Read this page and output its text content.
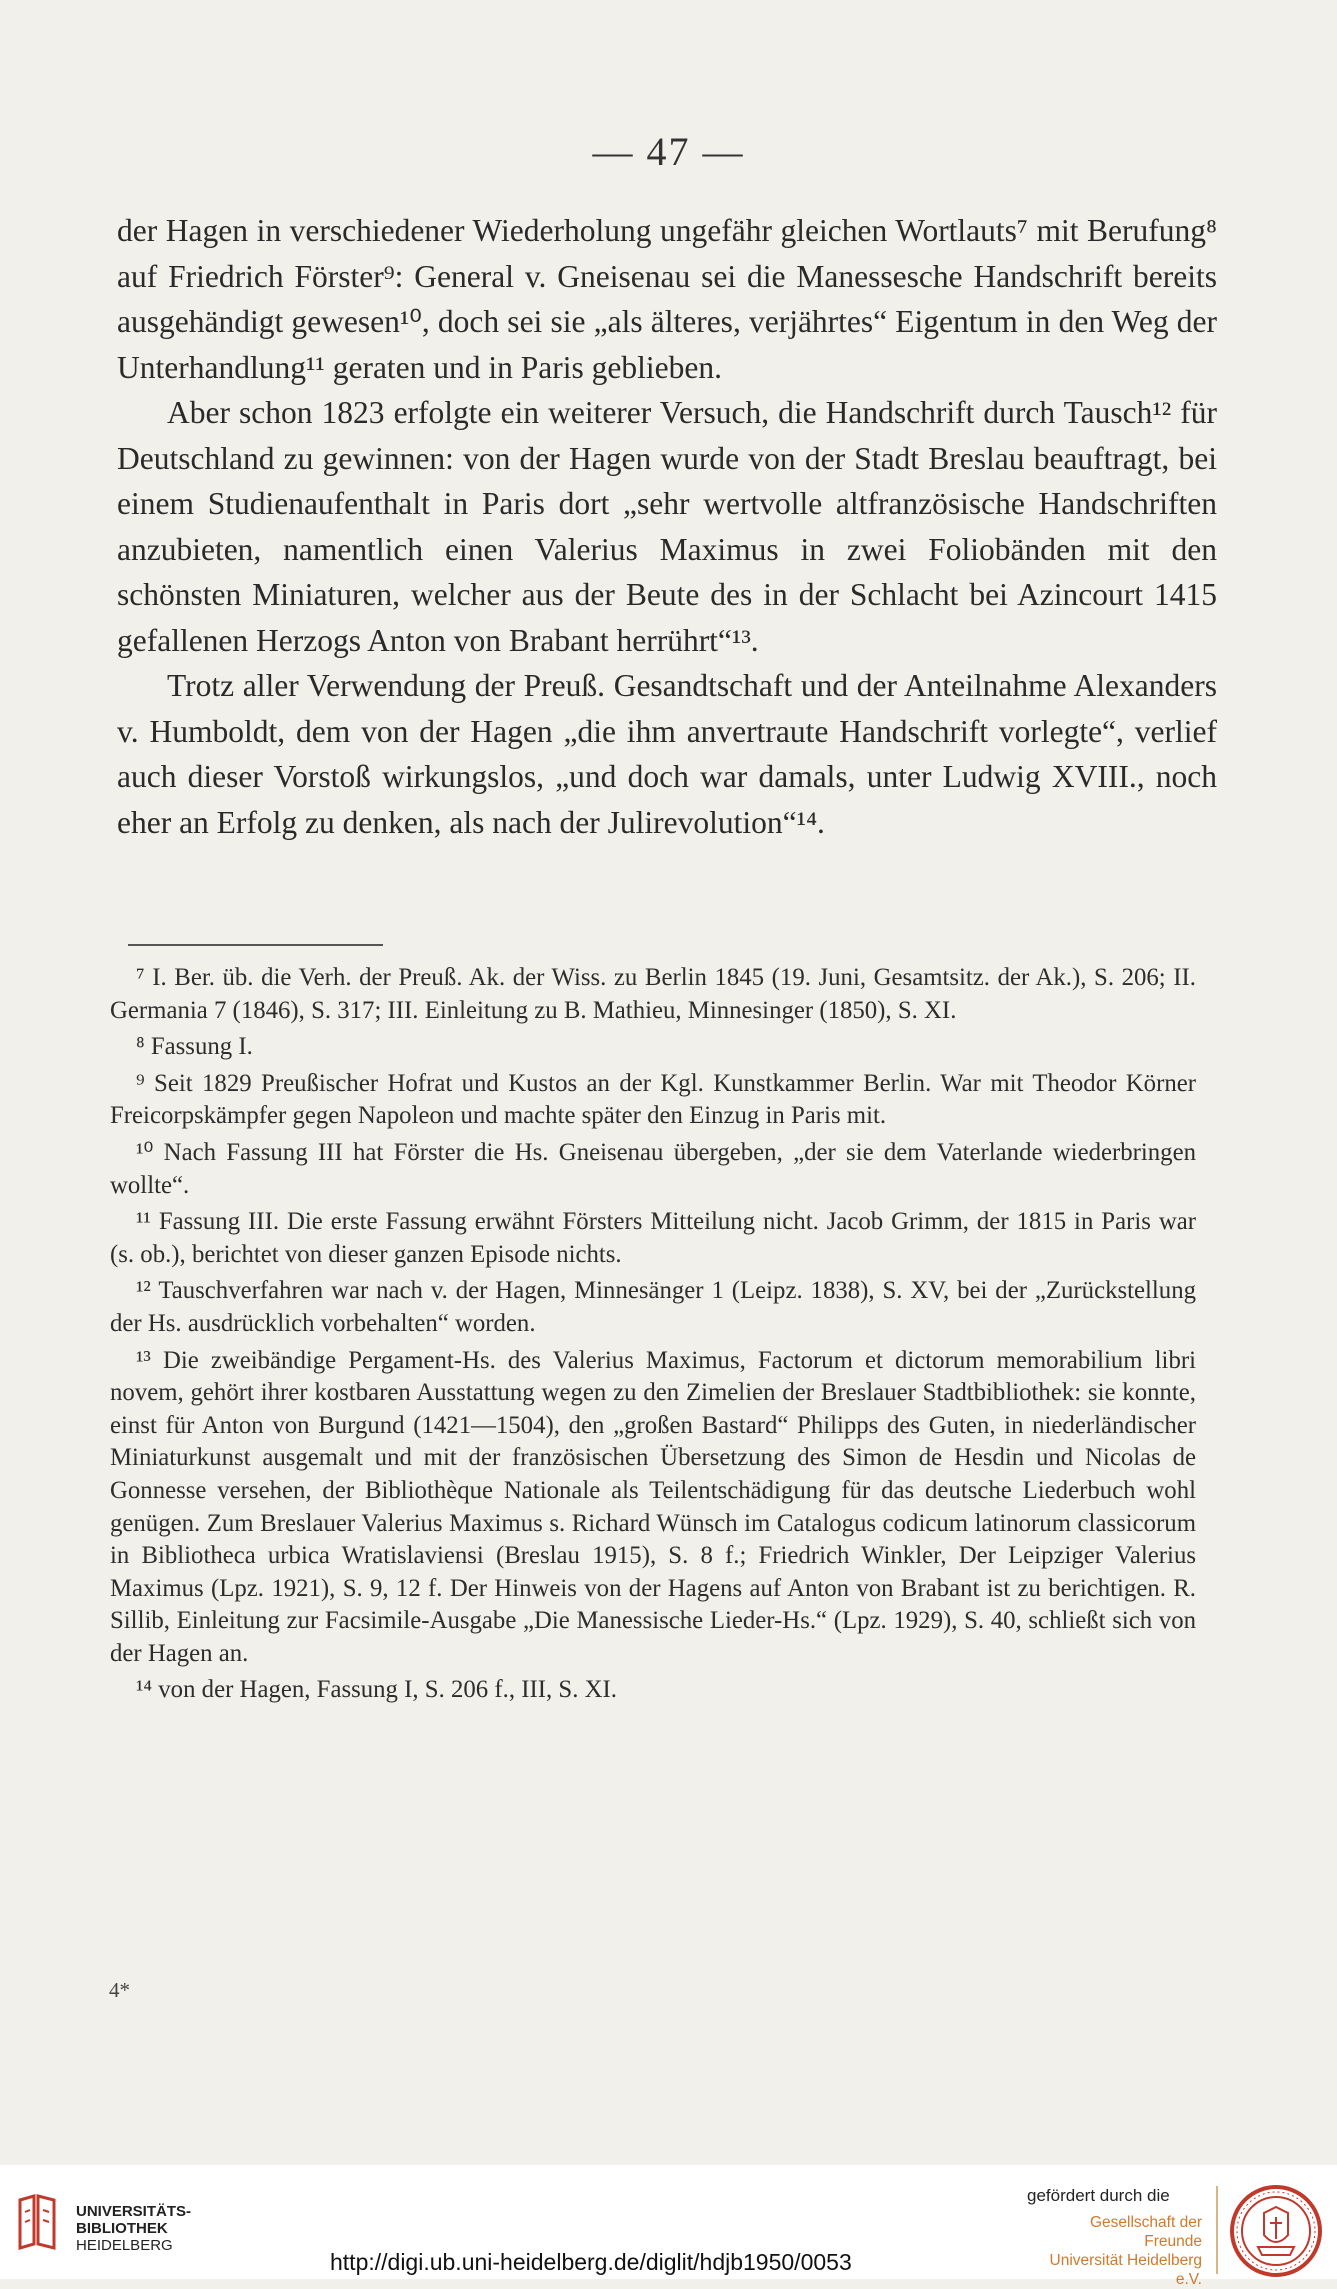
— 47 —

der Hagen in verschiedener Wiederholung ungefähr gleichen Wortlauts⁷ mit Berufung⁸ auf Friedrich Förster⁹: General v. Gneisenau sei die Manessesche Handschrift bereits ausgehändigt gewesen¹⁰, doch sei sie „als älteres, verjährtes“ Eigentum in den Weg der Unterhandlung¹¹ geraten und in Paris geblieben.

Aber schon 1823 erfolgte ein weiterer Versuch, die Handschrift durch Tausch¹² für Deutschland zu gewinnen: von der Hagen wurde von der Stadt Breslau beauftragt, bei einem Studienaufenthalt in Paris dort „sehr wertvolle altfranzösische Handschriften anzubieten, namentlich einen Valerius Maximus in zwei Foliobänden mit den schönsten Miniaturen, welcher aus der Beute des in der Schlacht bei Azincourt 1415 gefallenen Herzogs Anton von Brabant herrührt“¹³.

Trotz aller Verwendung der Preuß. Gesandtschaft und der Anteilnahme Alexanders v. Humboldt, dem von der Hagen „die ihm anvertraute Handschrift vorlegte“, verlief auch dieser Vorstoß wirkungslos, „und doch war damals, unter Ludwig XVIII., noch eher an Erfolg zu denken, als nach der Julirevolution“¹⁴.

⁷ I. Ber. üb. die Verh. der Preuß. Ak. der Wiss. zu Berlin 1845 (19. Juni, Gesamtsitz. der Ak.), S. 206; II. Germania 7 (1846), S. 317; III. Einleitung zu B. Mathieu, Minnesinger (1850), S. XI.

⁸ Fassung I.

⁹ Seit 1829 Preußischer Hofrat und Kustos an der Kgl. Kunstkammer Berlin. War mit Theodor Körner Freicorpskämpfer gegen Napoleon und machte später den Einzug in Paris mit.

¹⁰ Nach Fassung III hat Förster die Hs. Gneisenau übergeben, „der sie dem Vaterlande wiederbringen wollte“.

¹¹ Fassung III. Die erste Fassung erwähnt Försters Mitteilung nicht. Jacob Grimm, der 1815 in Paris war (s. ob.), berichtet von dieser ganzen Episode nichts.

¹² Tauschverfahren war nach v. der Hagen, Minnesänger 1 (Leipz. 1838), S. XV, bei der „Zurückstellung der Hs. ausdrücklich vorbehalten“ worden.

¹³ Die zweibändige Pergament-Hs. des Valerius Maximus, Factorum et dictorum memorabilium libri novem, gehört ihrer kostbaren Ausstattung wegen zu den Zimelien der Breslauer Stadtbibliothek: sie konnte, einst für Anton von Burgund (1421—1504), den „großen Bastard“ Philipps des Guten, in niederländischer Miniaturkunst ausgemalt und mit der französischen Übersetzung des Simon de Hesdin und Nicolas de Gonnesse versehen, der Bibliothèque Nationale als Teilentschädigung für das deutsche Liederbuch wohl genügen. Zum Breslauer Valerius Maximus s. Richard Wünsch im Catalogus codicum latinorum classicorum in Bibliotheca urbica Wratislaviensi (Breslau 1915), S. 8 f.; Friedrich Winkler, Der Leipziger Valerius Maximus (Lpz. 1921), S. 9, 12 f. Der Hinweis von der Hagens auf Anton von Brabant ist zu berichtigen. R. Sillib, Einleitung zur Facsimile-Ausgabe „Die Manessische Lieder-Hs.“ (Lpz. 1929), S. 40, schließt sich von der Hagen an.

¹⁴ von der Hagen, Fassung I, S. 206 f., III, S. XI.

4*
UNIVERSITÄTS-
BIBLIOTHEK
HEIDELBERG
http://digi.ub.uni-heidelberg.de/diglit/hdjb1950/0053
gefördert durch die
Gesellschaft der Freunde
Universität Heidelberg e.V.
